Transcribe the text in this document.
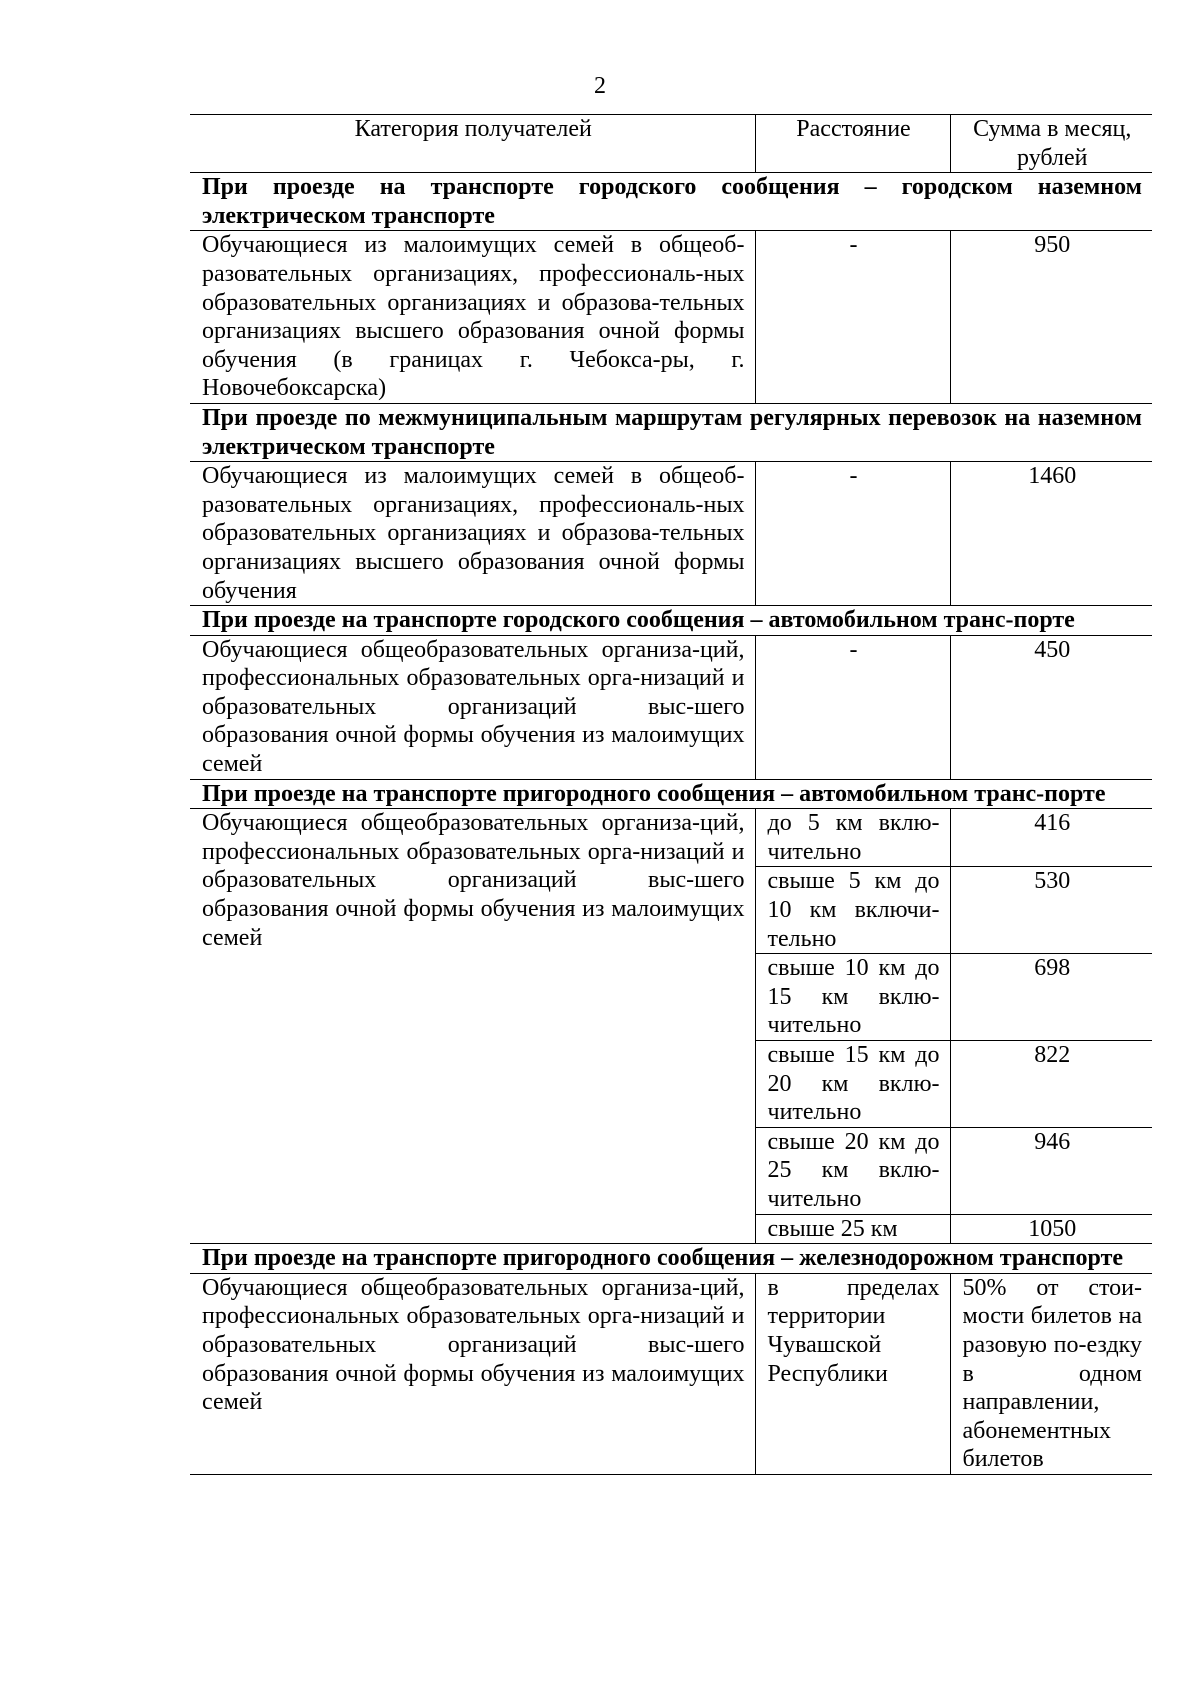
2
Категория получателей	Расстояние	Сумма в месяц,
рублей
При проезде на транспорте городского сообщения – городском наземном электрическом транспорте		
Обучающиеся из малоимущих семей в общеоб-разовательных организациях, профессиональ-ных образовательных организациях и образова-тельных организациях высшего образования очной формы обучения (в границах г. Чебокса-ры, г. Новочебоксарска)	-	950
При проезде по межмуниципальным маршрутам регулярных перевозок на наземном электрическом транспорте		
Обучающиеся из малоимущих семей в общеоб-разовательных организациях, профессиональ-ных образовательных организациях и образова-тельных организациях высшего образования очной формы обучения	-	1460
При проезде на транспорте городского сообщения – автомобильном транс-порте		
Обучающиеся общеобразовательных организа-ций, профессиональных образовательных орга-низаций и образовательных организаций выс-шего образования очной формы обучения из малоимущих семей	-	450
При проезде на транспорте пригородного сообщения – автомобильном транс-порте		
Обучающиеся общеобразовательных организа-ций, профессиональных образовательных орга-низаций и образовательных организаций выс-шего образования очной формы обучения из малоимущих семей	до 5 км вклю-чительно	416
	свыше 5 км до 10 км включи-тельно	530
	свыше 10 км до 15 км вклю-чительно	698
	свыше 15 км до 20 км вклю-чительно	822
	свыше 20 км до 25 км вклю-чительно	946
	свыше 25 км	1050
При проезде на транспорте пригородного сообщения – железнодорожном транспорте		
Обучающиеся общеобразовательных организа-ций, профессиональных образовательных орга-низаций и образовательных организаций выс-шего образования очной формы обучения из малоимущих семей	в пределах территории Чувашской Республики	50% от стои-мости билетов на разовую по-ездку в одном направлении, абонементных билетов
